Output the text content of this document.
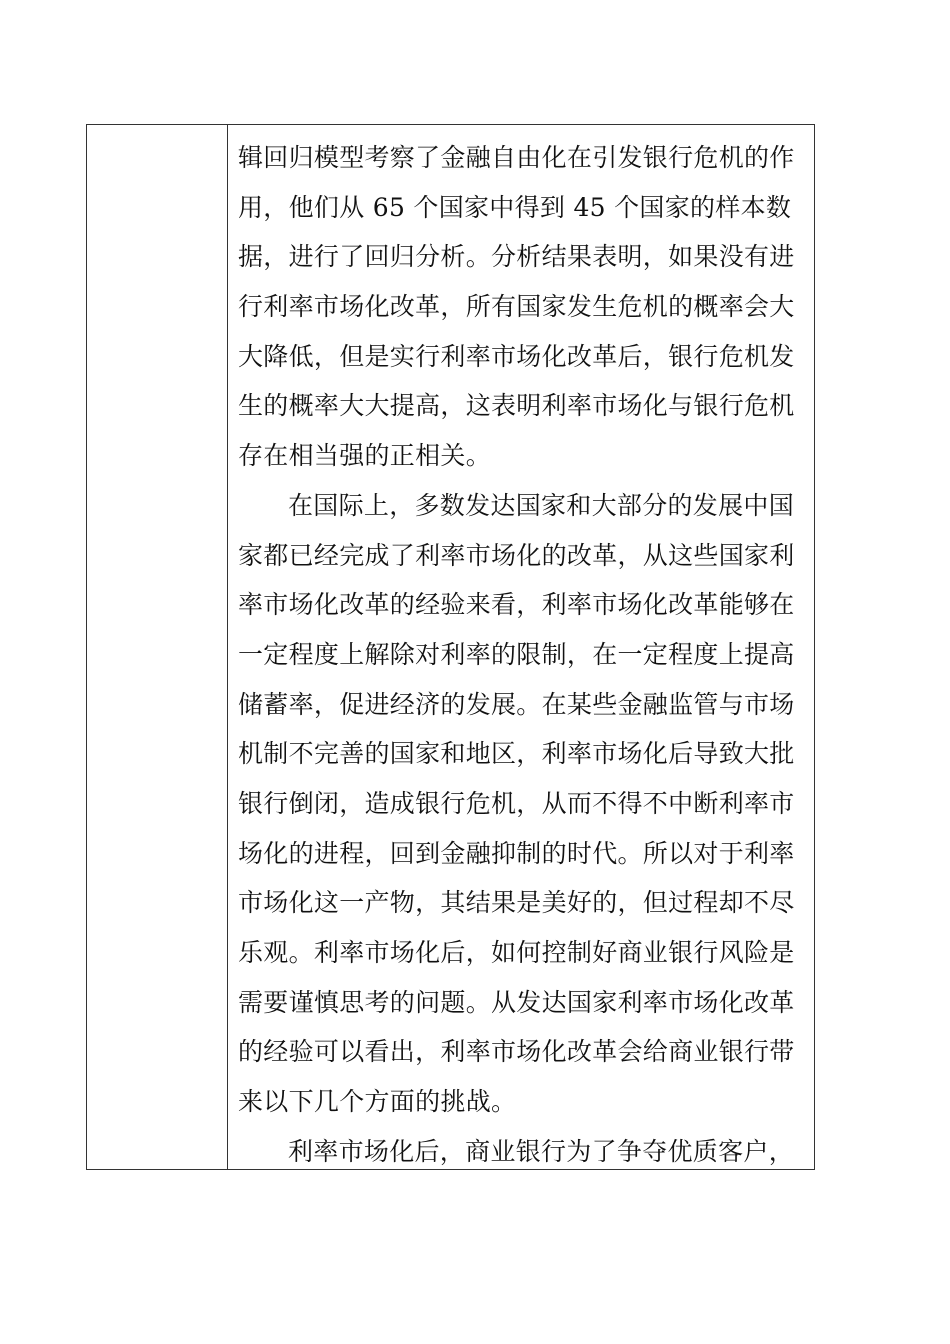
辑回归模型考察了金融自由化在引发银行危机的作
用，他们从 65 个国家中得到 45 个国家的样本数
据，进行了回归分析。分析结果表明，如果没有进
行利率市场化改革，所有国家发生危机的概率会大
大降低，但是实行利率市场化改革后，银行危机发
生的概率大大提高，这表明利率市场化与银行危机
存在相当强的正相关。
在国际上，多数发达国家和大部分的发展中国
家都已经完成了利率市场化的改革，从这些国家利
率市场化改革的经验来看，利率市场化改革能够在
一定程度上解除对利率的限制，在一定程度上提高
储蓄率，促进经济的发展。在某些金融监管与市场
机制不完善的国家和地区，利率市场化后导致大批
银行倒闭，造成银行危机，从而不得不中断利率市
场化的进程，回到金融抑制的时代。所以对于利率
市场化这一产物，其结果是美好的，但过程却不尽
乐观。利率市场化后，如何控制好商业银行风险是
需要谨慎思考的问题。从发达国家利率市场化改革
的经验可以看出，利率市场化改革会给商业银行带
来以下几个方面的挑战。
利率市场化后，商业银行为了争夺优质客户，
